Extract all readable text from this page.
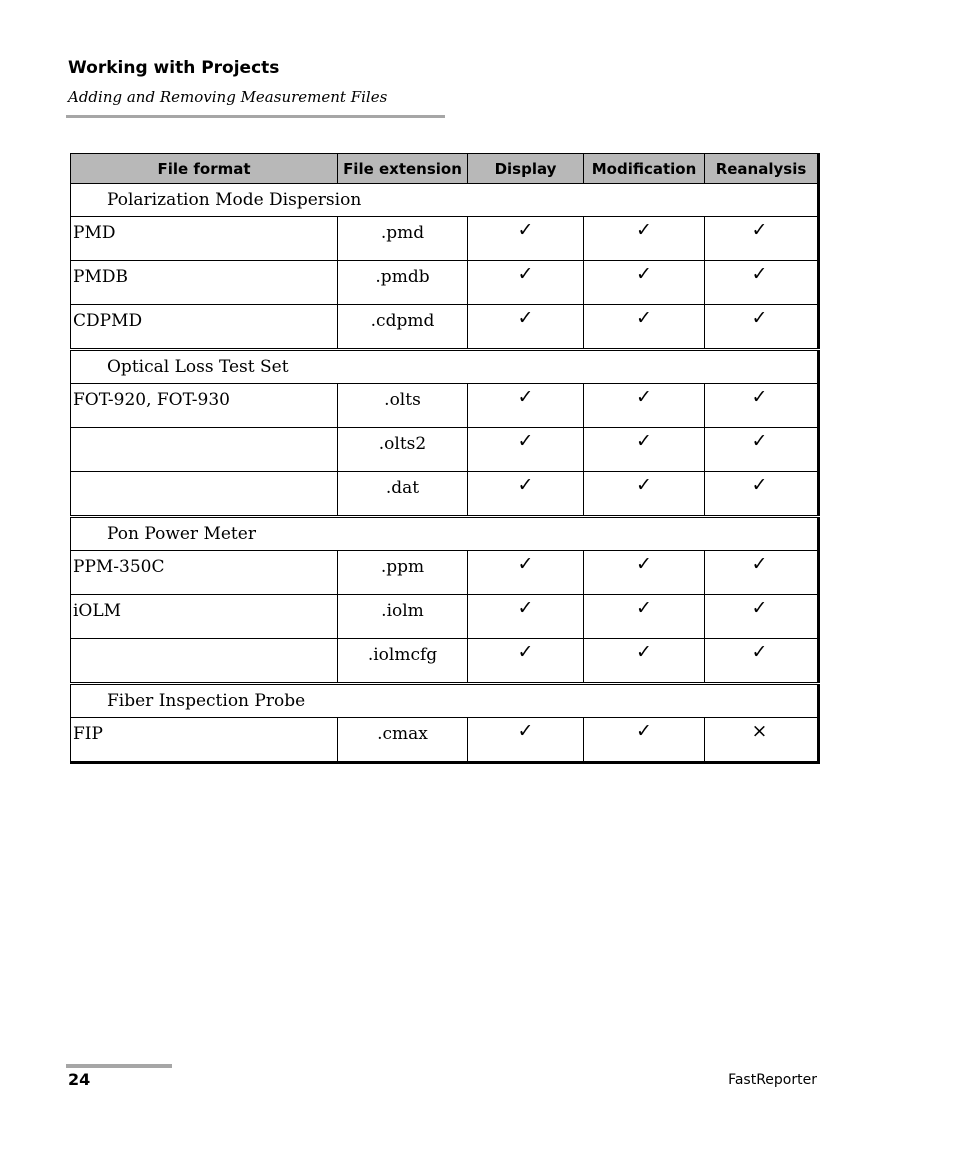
Working with Projects
Adding and Removing Measurement Files
File format	File extension	Display	Modification	Reanalysis
Polarization Mode Dispersion				
PMD	.pmd	✓	✓	✓

PMDB	.pmdb	✓	✓	✓

CDPMD	.cdpmd	✓	✓	✓

Optical Loss Test Set				
FOT-920, FOT-930	.olts	✓	✓	✓

	.olts2	✓	✓	✓

	.dat	✓	✓	✓

Pon Power Meter				
PPM-350C	.ppm	✓	✓	✓

iOLM	.iolm	✓	✓	✓

	.iolmcfg	✓	✓	✓

Fiber Inspection Probe				
FIP	.cmax	✓	✓	×
24	FastReporter
